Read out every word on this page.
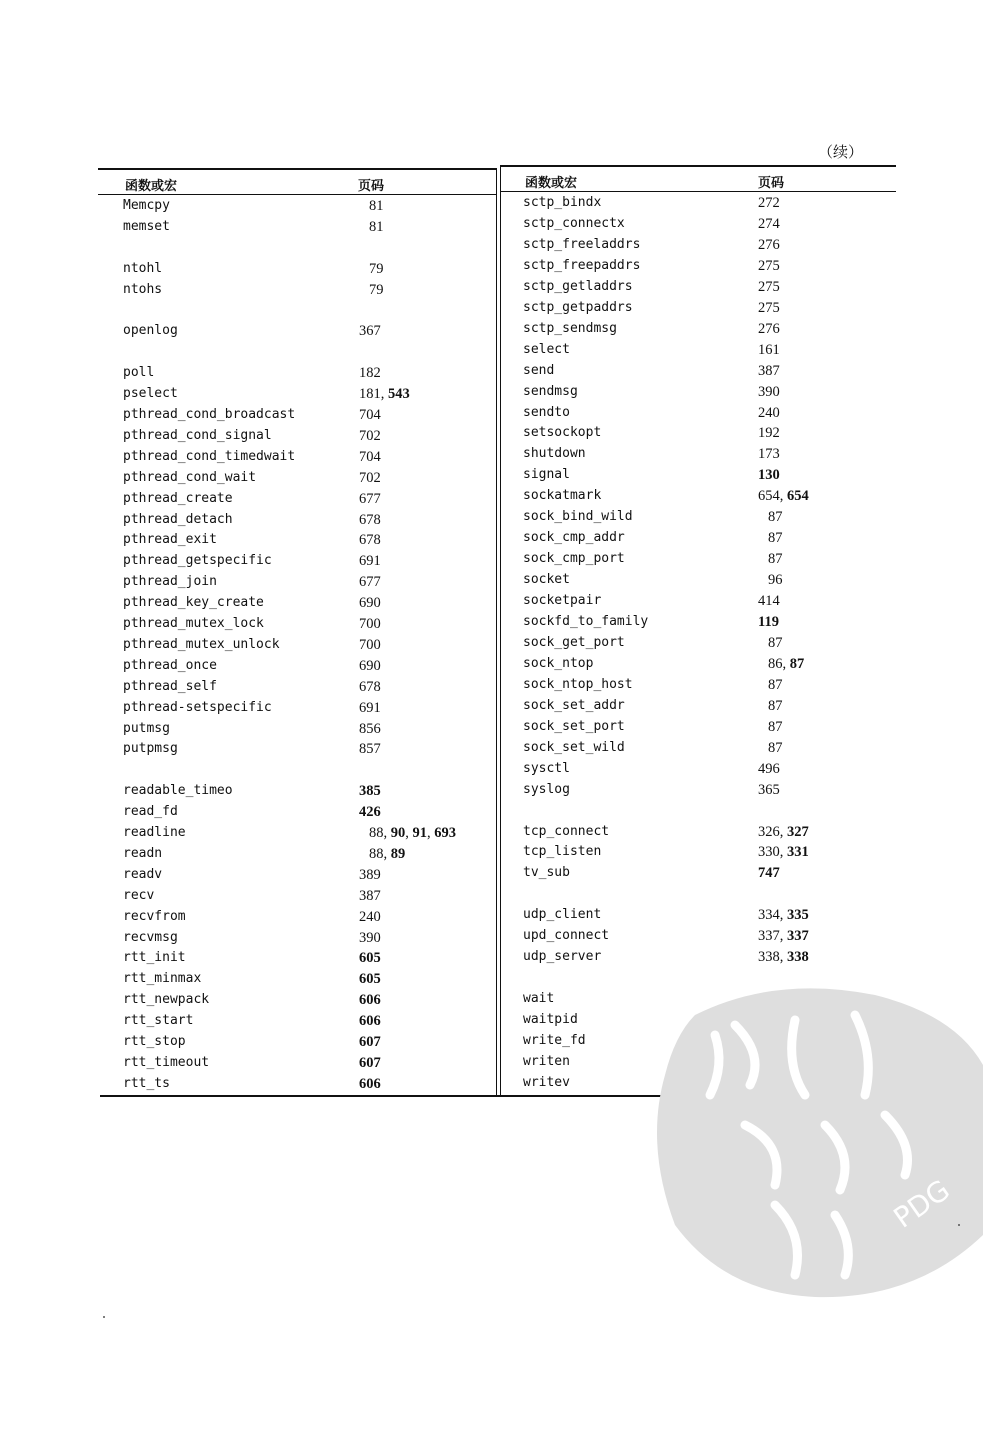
（续）
函数或宏	页码	函数或宏	页码
Memcpy	81
memset	81
ntohl	79
ntohs	79
openlog	367
poll	182
pselect	181, 543
pthread_cond_broadcast	704
pthread_cond_signal	702
pthread_cond_timedwait	704
pthread_cond_wait	702
pthread_create	677
pthread_detach	678
pthread_exit	678
pthread_getspecific	691
pthread_join	677
pthread_key_create	690
pthread_mutex_lock	700
pthread_mutex_unlock	700
pthread_once	690
pthread_self	678
pthread-setspecific	691
putmsg	856
putpmsg	857
readable_timeo	385
read_fd	426
readline	88, 90, 91, 693
readn	88, 89
readv	389
recv	387
recvfrom	240
recvmsg	390
rtt_init	605
rtt_minmax	605
rtt_newpack	606
rtt_start	606
rtt_stop	607
rtt_timeout	607
rtt_ts	606
sctp_bindx	272
sctp_connectx	274
sctp_freeladdrs	276
sctp_freepaddrs	275
sctp_getladdrs	275
sctp_getpaddrs	275
sctp_sendmsg	276
select	161
send	387
sendmsg	390
sendto	240
setsockopt	192
shutdown	173
signal	130
sockatmark	654, 654
sock_bind_wild	87
sock_cmp_addr	87
sock_cmp_port	87
socket	96
socketpair	414
sockfd_to_family	119
sock_get_port	87
sock_ntop	86, 87
sock_ntop_host	87
sock_set_addr	87
sock_set_port	87
sock_set_wild	87
sysctl	496
syslog	365
tcp_connect	326, 327
tcp_listen	330, 331
tv_sub	747
udp_client	334, 335
upd_connect	337, 337
udp_server	338, 338
wait
waitpid
write_fd
writen
writev
PDG
